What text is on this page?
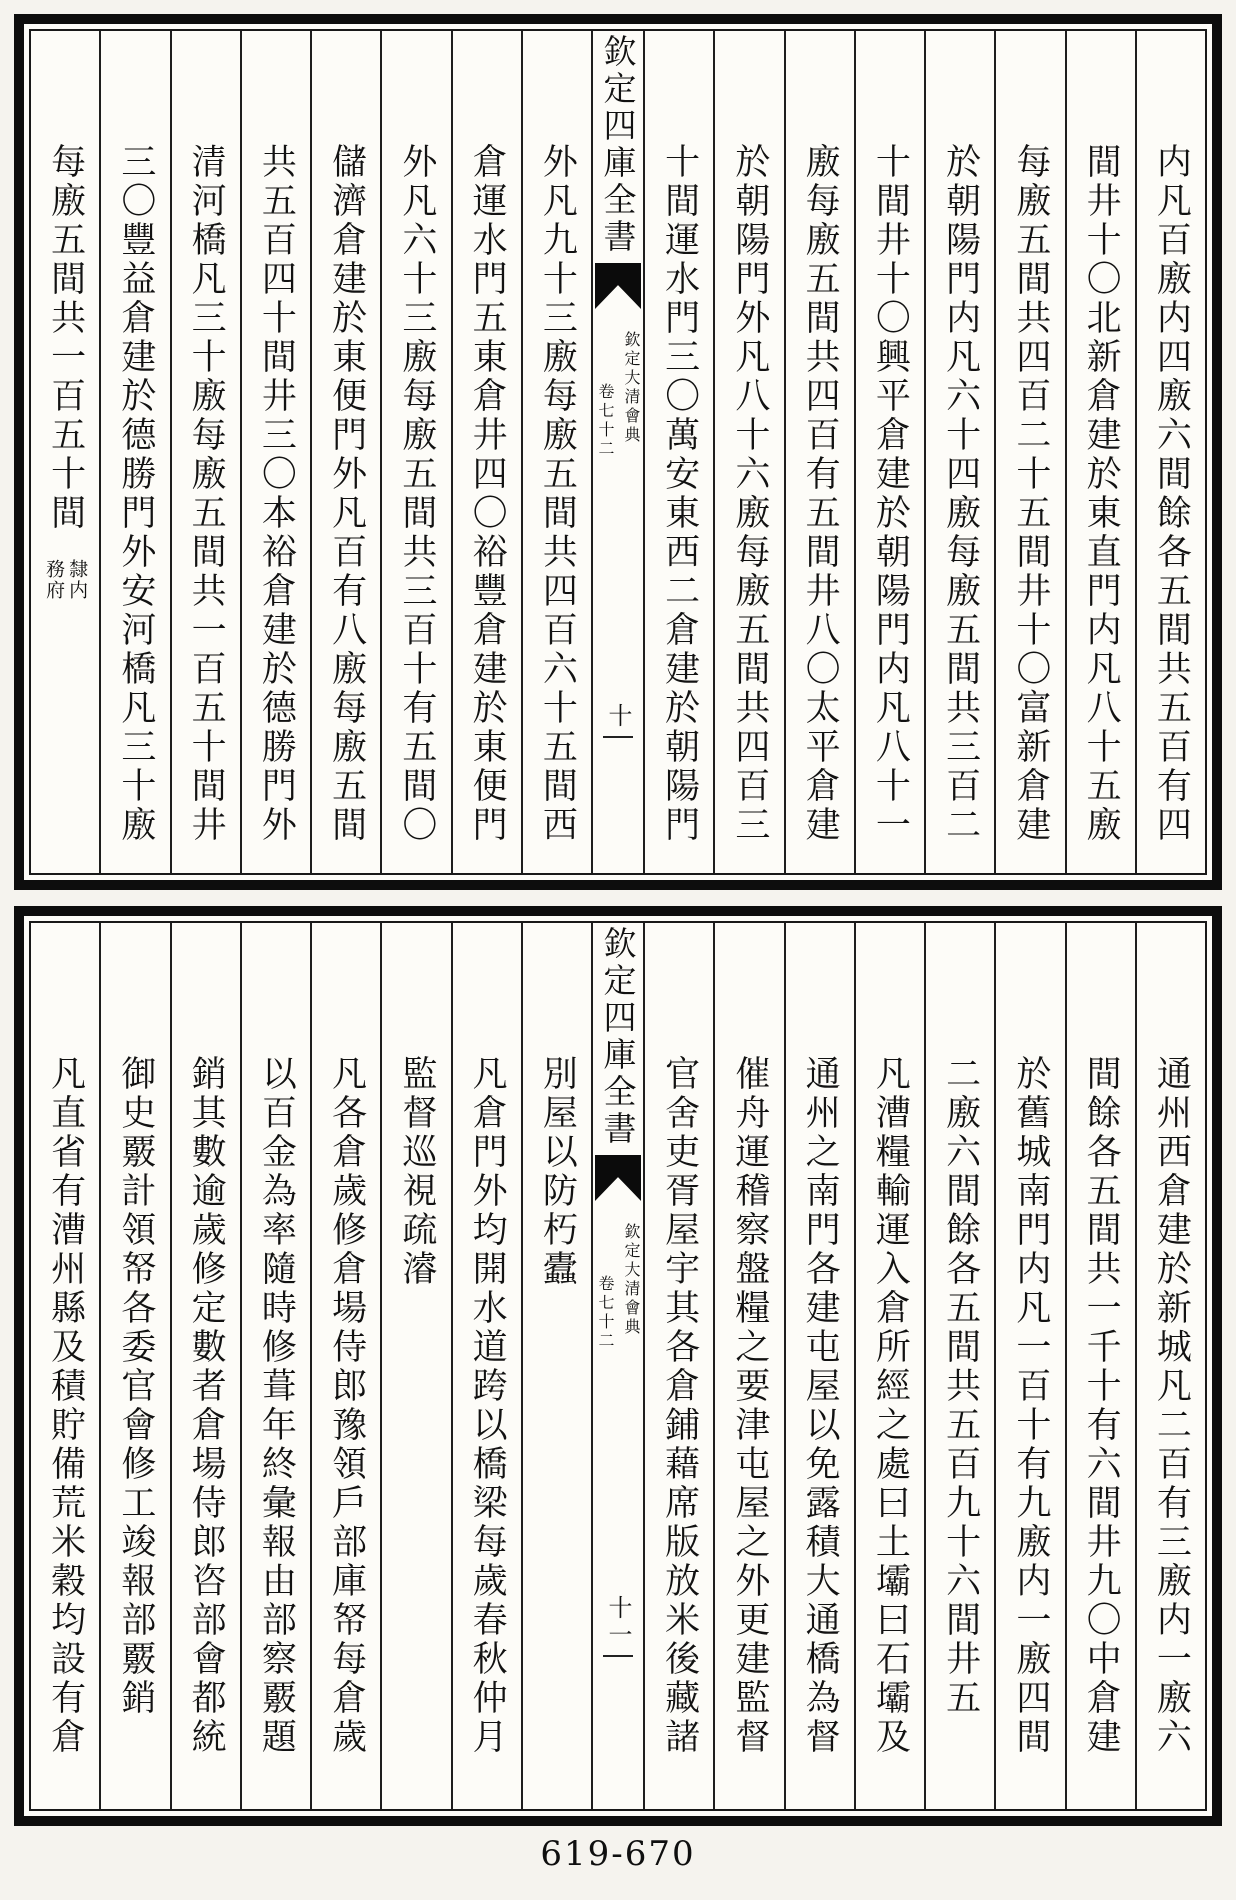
内凡百廒内四廒六間餘各五間共五百有四
間井十〇北新倉建於東直門内凡八十五廒
每廒五間共四百二十五間井十〇富新倉建
於朝陽門内凡六十四廒每廒五間共三百二
十間井十〇興平倉建於朝陽門内凡八十一
廒每廒五間共四百有五間井八〇太平倉建
於朝陽門外凡八十六廒每廒五間共四百三
十間運水門三〇萬安東西二倉建於朝陽門
欽定四庫全書
欽定大清會典
卷七十二
十
外凡九十三廒每廒五間共四百六十五間西
倉運水門五東倉井四〇裕豐倉建於東便門
外凡六十三廒每廒五間共三百十有五間〇
儲濟倉建於東便門外凡百有八廒每廒五間
共五百四十間井三〇本裕倉建於德勝門外
清河橋凡三十廒每廒五間共一百五十間井
三〇豐益倉建於德勝門外安河橋凡三十廒
每廒五間共一百五十間
隸内
務府
通州西倉建於新城凡二百有三廒内一廒六
間餘各五間共一千十有六間井九〇中倉建
於舊城南門内凡一百十有九廒内一廒四間
二廒六間餘各五間共五百九十六間井五
凡漕糧輸運入倉所經之處曰土壩曰石壩及
通州之南門各建屯屋以免露積大通橋為督
催舟運稽察盤糧之要津屯屋之外更建監督
官舍吏胥屋宇其各倉鋪藉席版放米後藏諸
欽定四庫全書
欽定大清會典
卷七十二
十一
別屋以防朽蠹
凡倉門外均開水道跨以橋梁每歲春秋仲月
監督巡視疏濬
凡各倉歲修倉場侍郎豫領戶部庫帑每倉歲
以百金為率隨時修葺年終彙報由部察覈題
銷其數逾歲修定數者倉場侍郎咨部會都統
御史覈計領帑各委官會修工竣報部覈銷
凡直省有漕州縣及積貯備荒米穀均設有倉
619-670
